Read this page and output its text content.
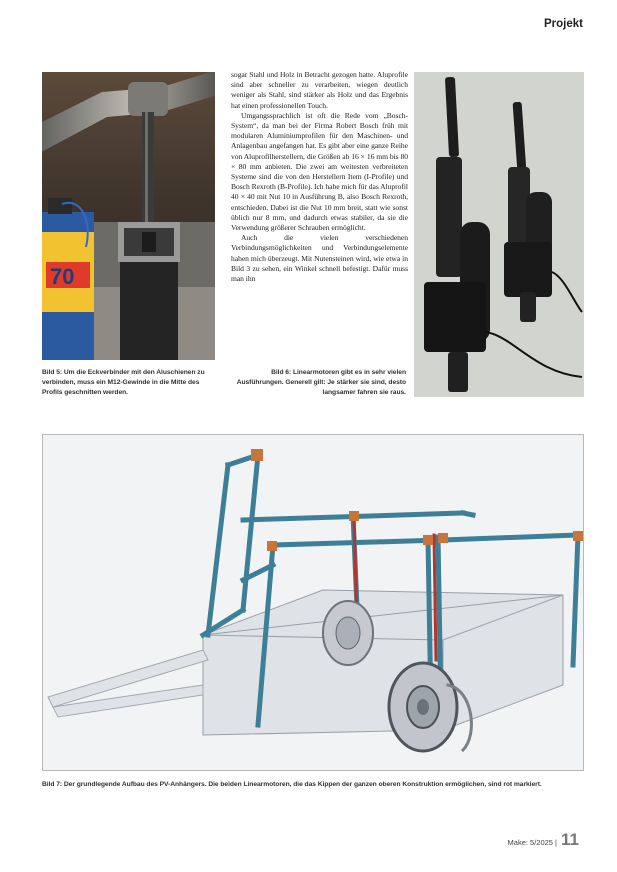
Projekt
70
Bild 5: Um die Eckverbinder mit den Aluschienen zu verbinden, muss ein M12-Gewinde in die Mitte des Profils geschnitten werden.

sogar Stahl und Holz in Betracht gezogen hatte. Aluprofile sind aber schneller zu verarbeiten, wiegen deutlich weniger als Stahl, sind stärker als Holz und das Ergebnis hat einen professionellen Touch.

Umgangssprachlich ist oft die Rede vom „Bosch-System“, da man bei der Firma Robert Bosch früh mit modularen Aluminiumprofilen für den Maschinen- und Anlagenbau angefangen hat. Es gibt aber eine ganze Reihe von Aluprofilherstellern, die Größen ab 16 × 16 mm bis 80 × 80 mm anbieten. Die zwei am weitesten verbreiteten Systeme sind die von den Herstellern Item (I-Profile) und Bosch Rexroth (B-Profile). Ich habe mich für das Aluprofil 40 × 40 mit Nut 10 in Ausführung B, also Bosch Rexroth, entschieden. Dabei ist die Nut 10 mm breit, statt wie sonst üblich nur 8 mm, und dadurch etwas stabiler, da sie die Verwendung größerer Schrauben ermöglicht.

Auch die vielen verschiedenen Verbindungsmöglichkeiten und Verbindungselemente haben mich überzeugt. Mit Nutensteinen wird, wie etwa in Bild 3 zu sehen, ein Winkel schnell befestigt. Dafür muss man ihn

Bild 6: Linearmotoren gibt es in sehr vielen Ausführungen. Generell gilt: Je stärker sie sind, desto langsamer fahren sie raus.
Bild 7: Der grundlegende Aufbau des PV-Anhängers. Die beiden Linearmotoren, die das Kippen der ganzen oberen Konstruktion ermöglichen, sind rot markiert.
Make: 5/2025 | 11
